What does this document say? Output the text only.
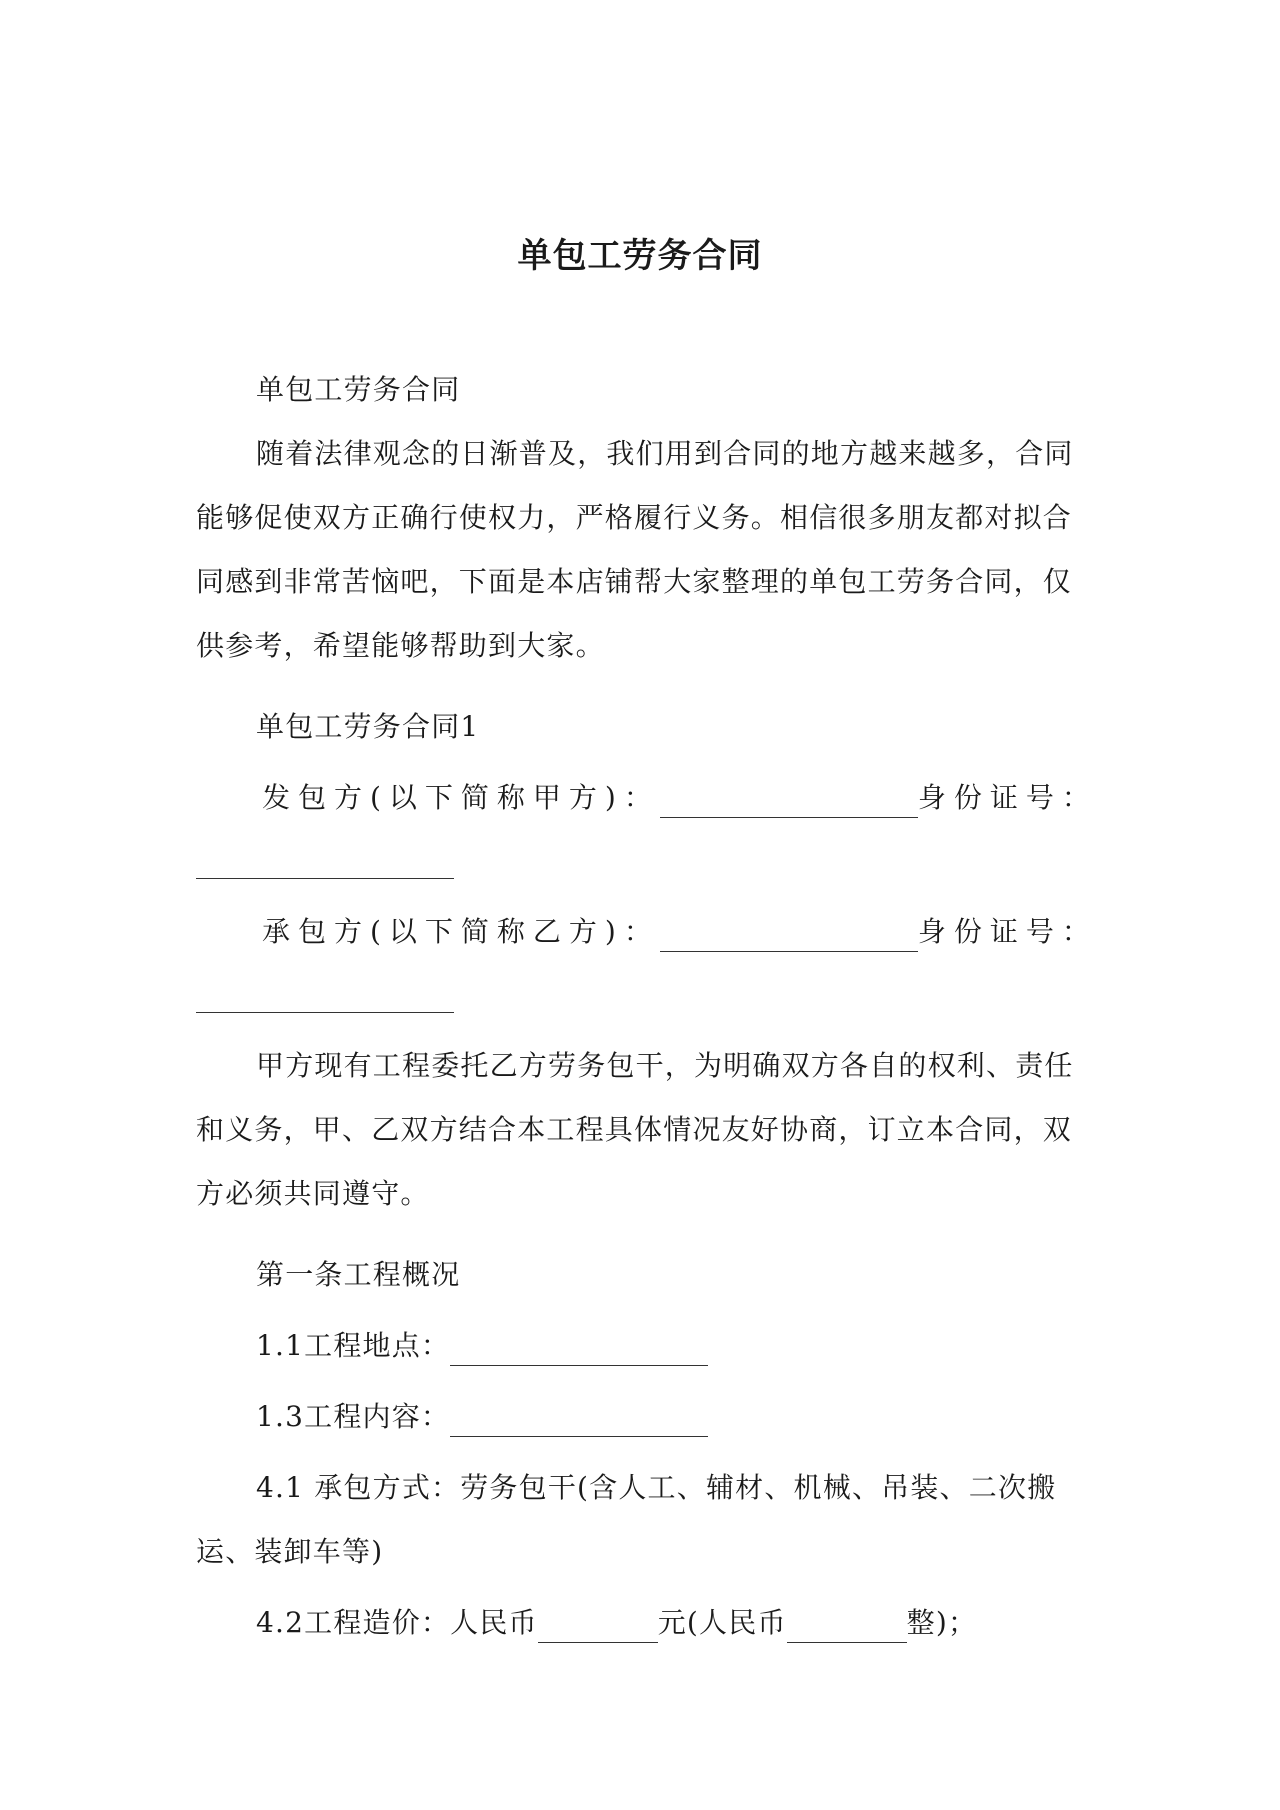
单包工劳务合同
单包工劳务合同
随着法律观念的日渐普及，我们用到合同的地方越来越多，合同
能够促使双方正确行使权力，严格履行义务。相信很多朋友都对拟合
同感到非常苦恼吧，下面是本店铺帮大家整理的单包工劳务合同，仅
供参考，希望能够帮助到大家。
单包工劳务合同1
发包方(以下简称甲方)：	身份证号：
承包方(以下简称乙方)：	身份证号：
甲方现有工程委托乙方劳务包干，为明确双方各自的权利、责任
和义务，甲、乙双方结合本工程具体情况友好协商，订立本合同，双
方必须共同遵守。
第一条工程概况
1.1工程地点：
1.3工程内容：
4.1 承包方式：劳务包干(含人工、辅材、机械、吊装、二次搬
运、装卸车等)
4.2工程造价：人民币	元(人民币	整)；
